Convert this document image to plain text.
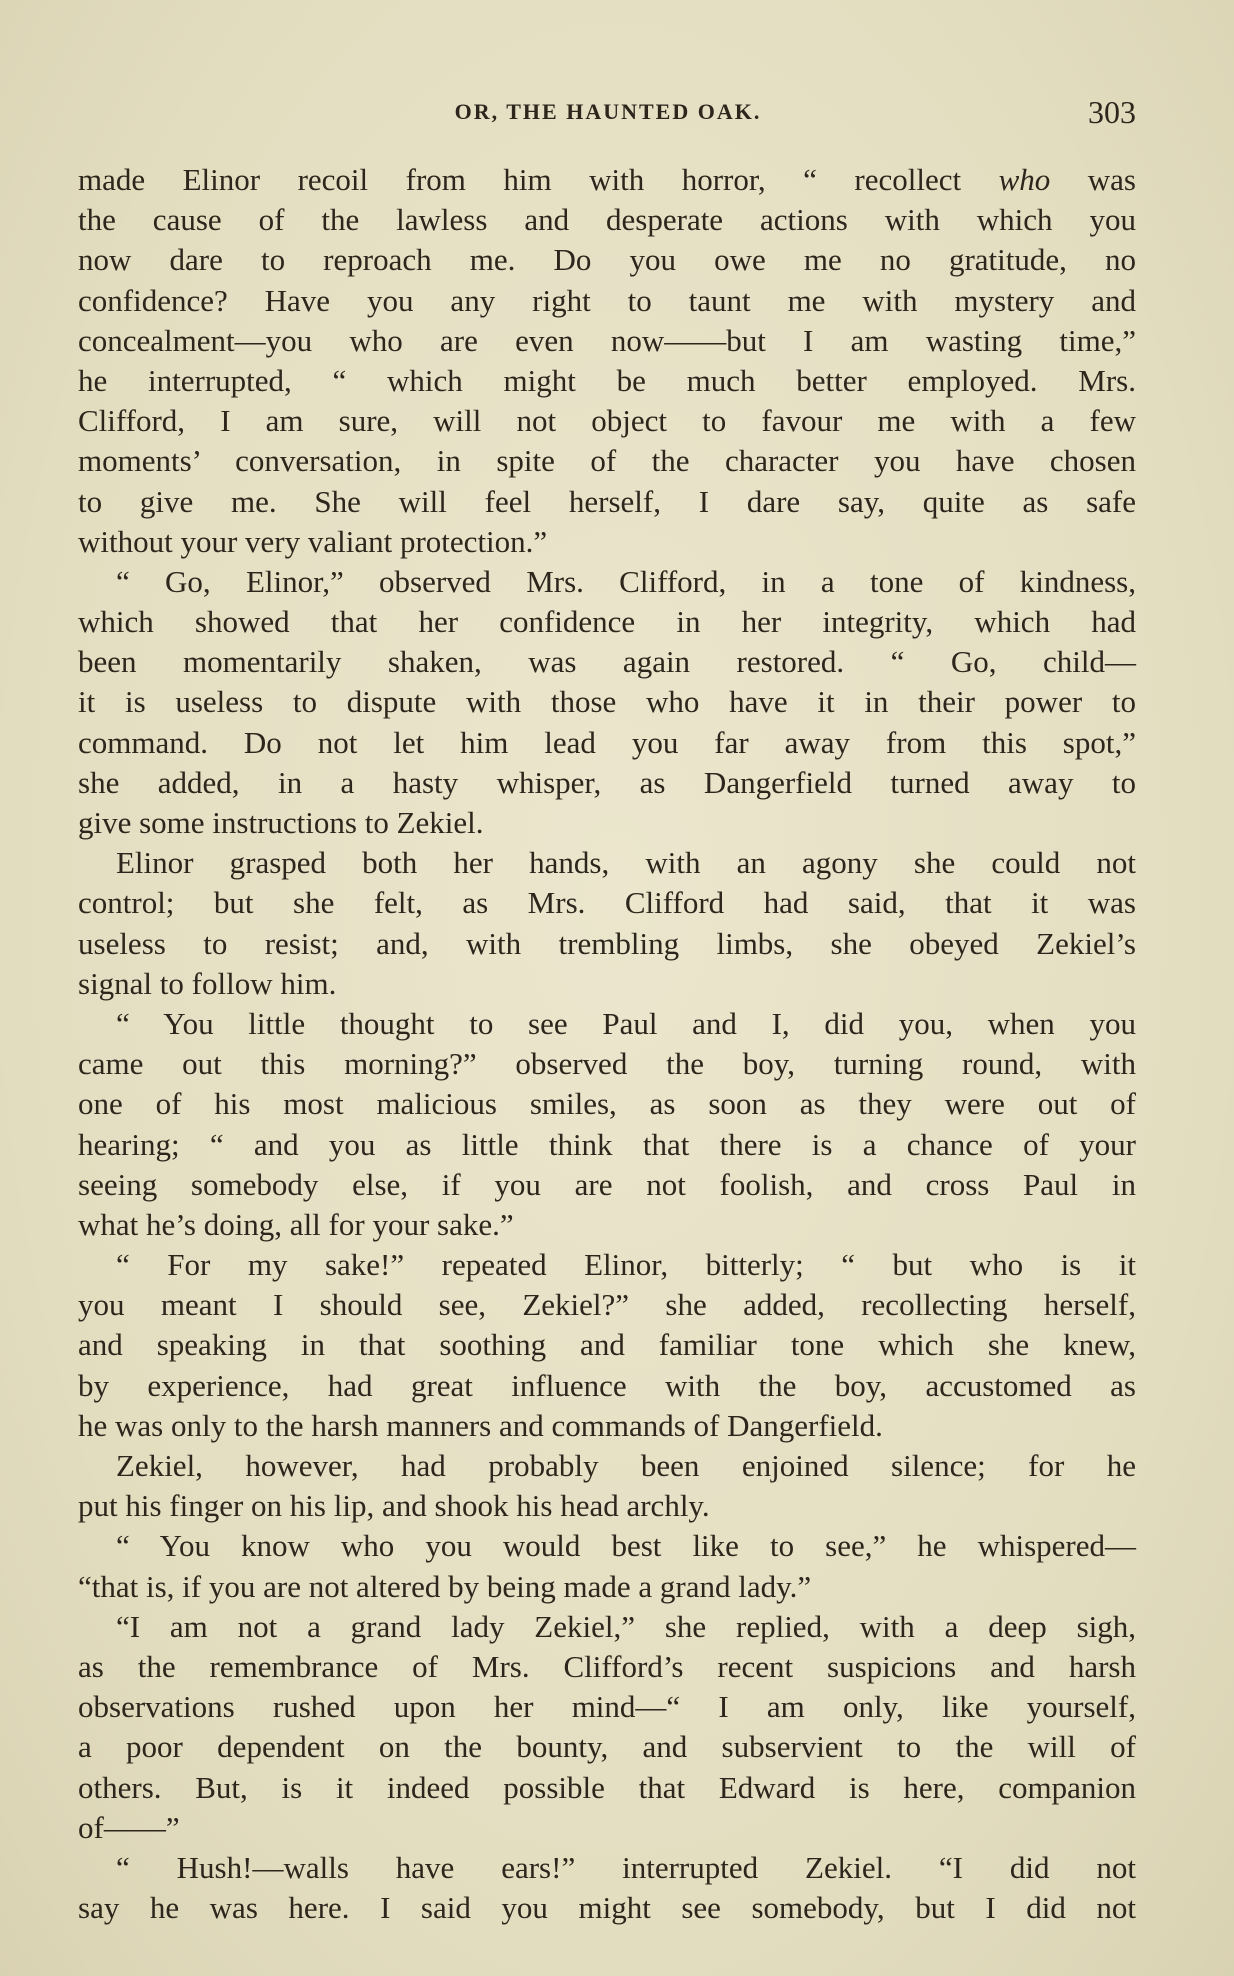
OR, THE HAUNTED OAK.	303
made Elinor recoil from him with horror, “ recollect who was
the cause of the lawless and desperate actions with which you
now dare to reproach me. Do you owe me no gratitude, no
confidence? Have you any right to taunt me with mystery and
concealment—you who are even now——but I am wasting time,”
he interrupted, “ which might be much better employed. Mrs.
Clifford, I am sure, will not object to favour me with a few
moments’ conversation, in spite of the character you have chosen
to give me. She will feel herself, I dare say, quite as safe
without your very valiant protection.”
“ Go, Elinor,” observed Mrs. Clifford, in a tone of kindness,
which showed that her confidence in her integrity, which had
been momentarily shaken, was again restored. “ Go, child—
it is useless to dispute with those who have it in their power to
command. Do not let him lead you far away from this spot,”
she added, in a hasty whisper, as Dangerfield turned away to
give some instructions to Zekiel.
Elinor grasped both her hands, with an agony she could not
control; but she felt, as Mrs. Clifford had said, that it was
useless to resist; and, with trembling limbs, she obeyed Zekiel’s
signal to follow him.
“ You little thought to see Paul and I, did you, when you
came out this morning?” observed the boy, turning round, with
one of his most malicious smiles, as soon as they were out of
hearing; “ and you as little think that there is a chance of your
seeing somebody else, if you are not foolish, and cross Paul in
what he’s doing, all for your sake.”
“ For my sake!” repeated Elinor, bitterly; “ but who is it
you meant I should see, Zekiel?” she added, recollecting herself,
and speaking in that soothing and familiar tone which she knew,
by experience, had great influence with the boy, accustomed as
he was only to the harsh manners and commands of Dangerfield.
Zekiel, however, had probably been enjoined silence; for he
put his finger on his lip, and shook his head archly.
“ You know who you would best like to see,” he whispered—
“that is, if you are not altered by being made a grand lady.”
“I am not a grand lady Zekiel,” she replied, with a deep sigh,
as the remembrance of Mrs. Clifford’s recent suspicions and harsh
observations rushed upon her mind—“ I am only, like yourself,
a poor dependent on the bounty, and subservient to the will of
others. But, is it indeed possible that Edward is here, companion
of——”
“ Hush!—walls have ears!” interrupted Zekiel. “I did not
say he was here. I said you might see somebody, but I did not
